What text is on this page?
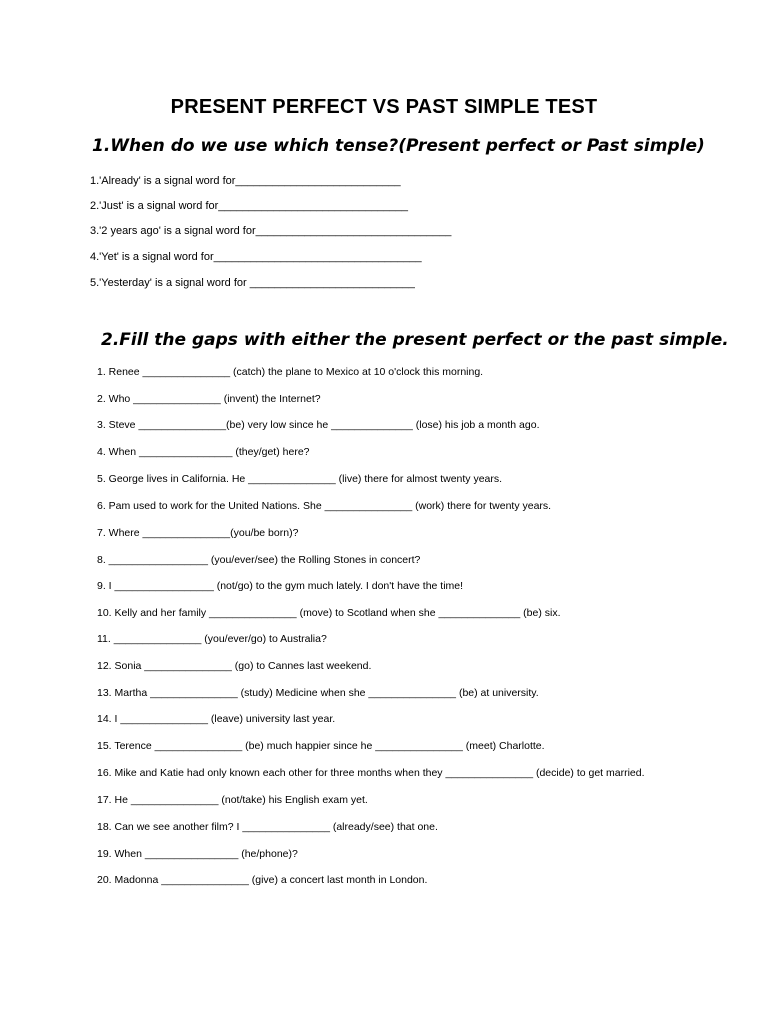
PRESENT PERFECT VS PAST SIMPLE TEST
1.When do we use which tense?(Present perfect or Past simple)
1.'Already' is a signal word for___________________________
2.'Just' is a signal word for_______________________________
3.'2 years ago' is a signal word for________________________________
4.'Yet' is a signal word for__________________________________
5.'Yesterday' is a signal word for ___________________________
2.Fill the gaps with either the present perfect or the past simple.
1. Renee _______________ (catch) the plane to Mexico at 10 o'clock this morning.
2. Who _______________ (invent) the Internet?
3. Steve _______________(be) very low since he ______________ (lose) his job a month ago.
4. When ________________ (they/get) here?
5. George lives in California. He _______________ (live) there for almost twenty years.
6. Pam used to work for the United Nations. She _______________ (work) there for twenty years.
7. Where _______________(you/be born)?
8. _________________ (you/ever/see) the Rolling Stones in concert?
9. I _________________ (not/go) to the gym much lately. I don't have the time!
10. Kelly and her family _______________ (move) to Scotland when she ______________ (be) six.
11. _______________ (you/ever/go) to Australia?
12. Sonia _______________ (go) to Cannes last weekend.
13. Martha _______________ (study) Medicine when she _______________ (be) at university.
14. I _______________ (leave) university last year.
15. Terence _______________ (be) much happier since he _______________ (meet) Charlotte.
16. Mike and Katie had only known each other for three months when they _______________ (decide) to get married.
17. He _______________ (not/take) his English exam yet.
18. Can we see another film? I _______________ (already/see) that one.
19. When ________________ (he/phone)?
20. Madonna _______________ (give) a concert last month in London.
